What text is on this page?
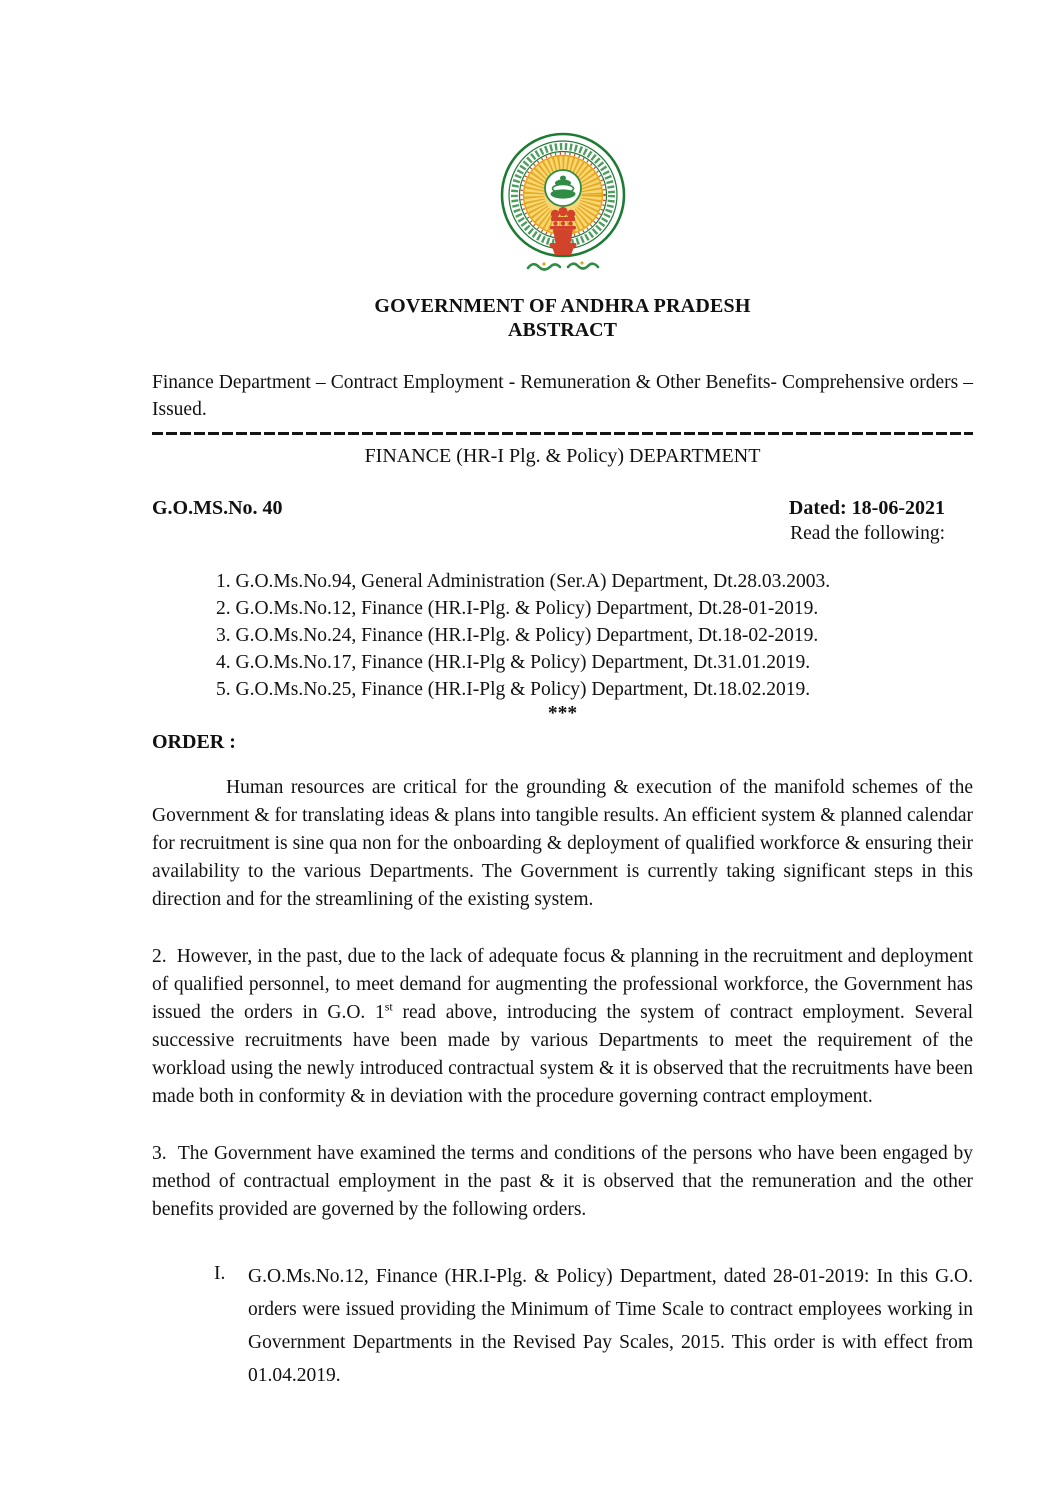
GOVERNMENT OF ANDHRA PRADESH
ABSTRACT
Finance Department – Contract Employment - Remuneration & Other Benefits- Comprehensive orders – Issued.
FINANCE (HR-I Plg. & Policy) DEPARTMENT
G.O.MS.No. 40	Dated: 18-06-2021
Read the following:
1. G.O.Ms.No.94, General Administration (Ser.A) Department, Dt.28.03.2003.
2. G.O.Ms.No.12, Finance (HR.I-Plg. & Policy) Department, Dt.28-01-2019.
3. G.O.Ms.No.24, Finance (HR.I-Plg. & Policy) Department, Dt.18-02-2019.
4. G.O.Ms.No.17, Finance (HR.I-Plg & Policy) Department, Dt.31.01.2019.
5. G.O.Ms.No.25, Finance (HR.I-Plg & Policy) Department, Dt.18.02.2019.
***
ORDER :

Human resources are critical for the grounding & execution of the manifold schemes of the Government & for translating ideas & plans into tangible results. An efficient system & planned calendar for recruitment is sine qua non for the onboarding & deployment of qualified workforce & ensuring their availability to the various Departments. The Government is currently taking significant steps in this direction and for the streamlining of the existing system.

2.  However, in the past, due to the lack of adequate focus & planning in the recruitment and deployment of qualified personnel, to meet demand for augmenting the professional workforce, the Government has issued the orders in G.O. 1st read above, introducing the system of contract employment. Several successive recruitments have been made by various Departments to meet the requirement of the workload using the newly introduced contractual system & it is observed that the recruitments have been made both in conformity & in deviation with the procedure governing contract employment.

3.  The Government have examined the terms and conditions of the persons who have been engaged by method of contractual employment in the past & it is observed that the remuneration and the other benefits provided are governed by the following orders.

I.	G.O.Ms.No.12, Finance (HR.I-Plg. & Policy) Department, dated 28-01-2019: In this G.O. orders were issued providing the Minimum of Time Scale to contract employees working in Government Departments in the Revised Pay Scales, 2015. This order is with effect from 01.04.2019.
